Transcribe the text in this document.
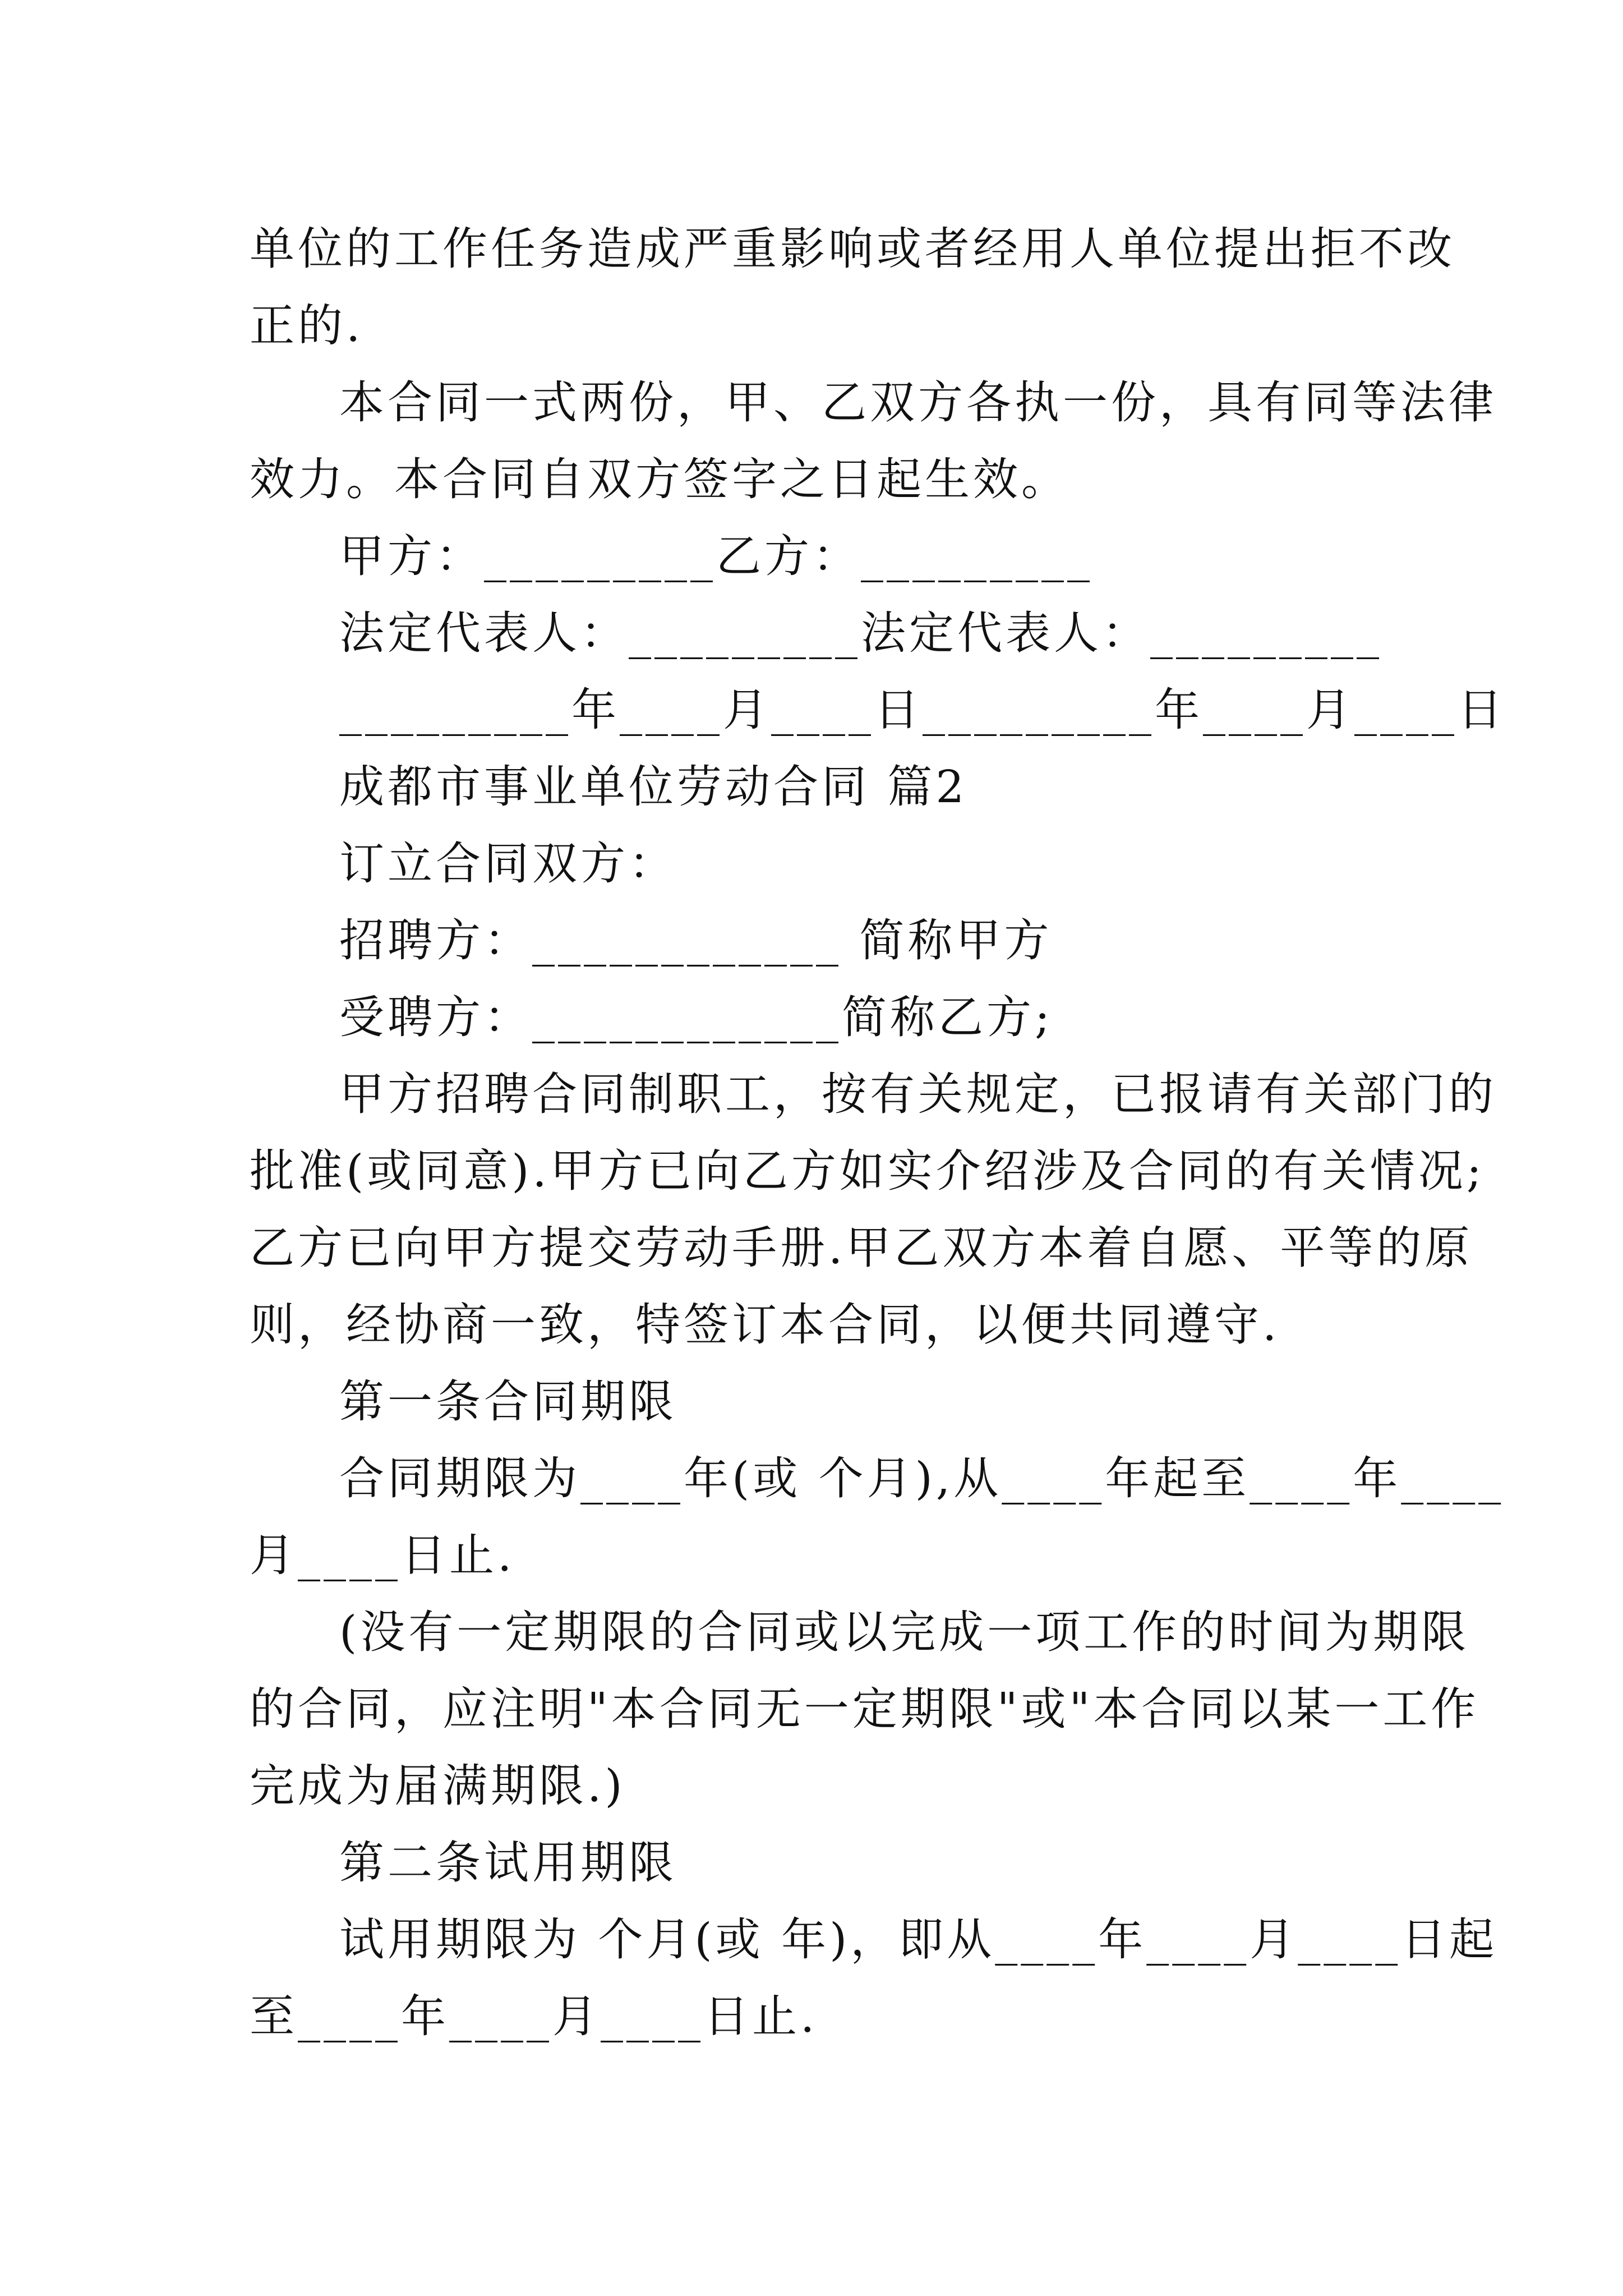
单位的工作任务造成严重影响或者经用人单位提出拒不改
正的.
本合同一式两份，甲、乙双方各执一份，具有同等法律
效力。本合同自双方签字之日起生效。
甲方：_________乙方：_________
法定代表人：_________法定代表人：_________
_________年____月____日_________年____月____日
成都市事业单位劳动合同 篇2
订立合同双方：
招聘方：____________ 简称甲方
受聘方：____________简称乙方;
甲方招聘合同制职工，按有关规定，已报请有关部门的
批准(或同意).甲方已向乙方如实介绍涉及合同的有关情况;
乙方已向甲方提交劳动手册.甲乙双方本着自愿、平等的原
则，经协商一致，特签订本合同，以便共同遵守.
第一条合同期限
合同期限为____年(或 个月),从____年起至____年____
月____日止.
(没有一定期限的合同或以完成一项工作的时间为期限
的合同，应注明"本合同无一定期限"或"本合同以某一工作
完成为届满期限.)
第二条试用期限
试用期限为 个月(或 年)，即从____年____月____日起
至____年____月____日止.
